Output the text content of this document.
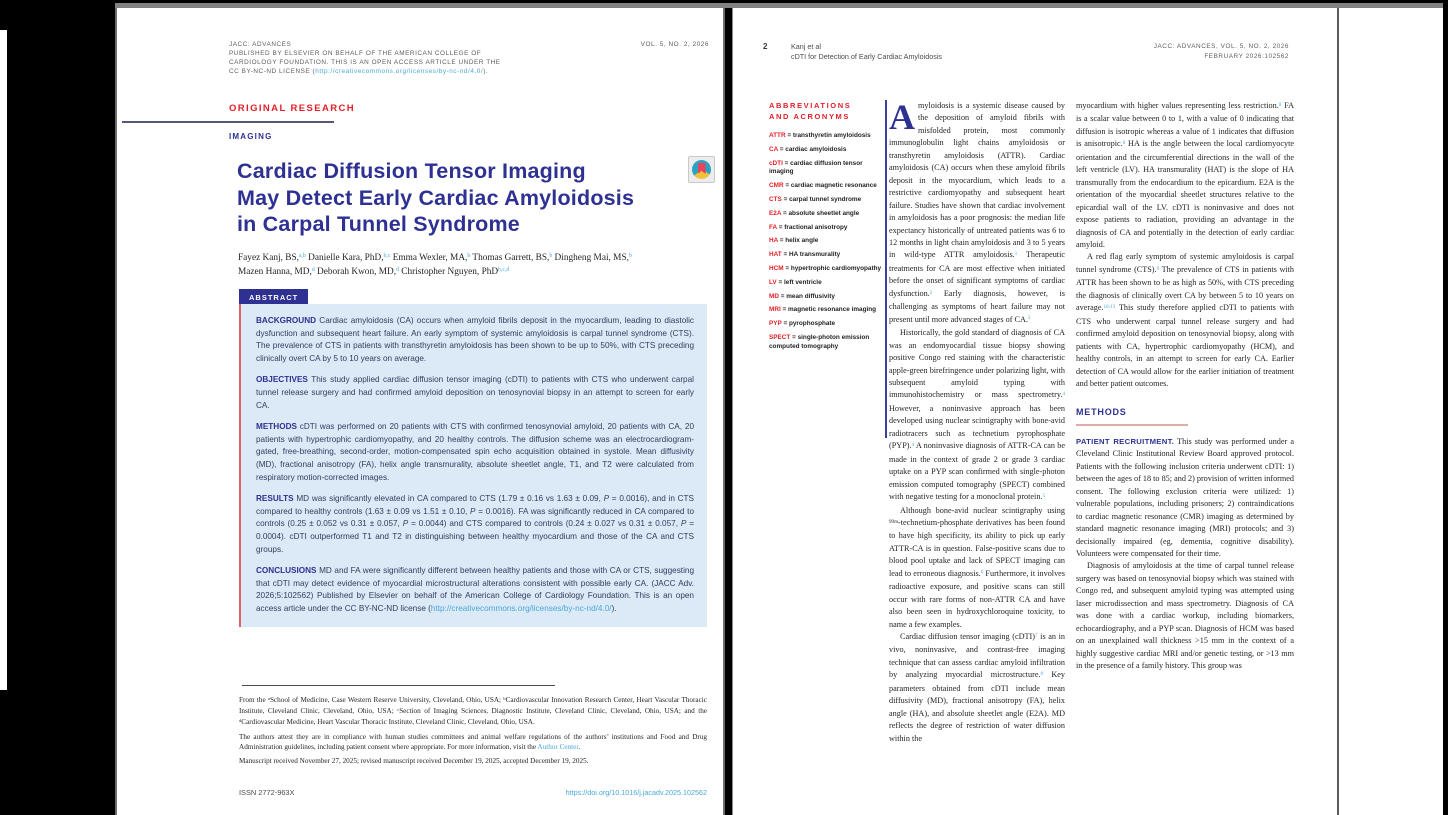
JACC: ADVANCES
PUBLISHED BY ELSEVIER ON BEHALF OF THE AMERICAN COLLEGE OF
CARDIOLOGY FOUNDATION. THIS IS AN OPEN ACCESS ARTICLE UNDER THE
CC BY-NC-ND LICENSE (http://creativecommons.org/licenses/by-nc-nd/4.0/).
VOL. 5, NO. 2, 2026
ORIGINAL RESEARCH
IMAGING
Cardiac Diffusion Tensor Imaging
May Detect Early Cardiac Amyloidosis
in Carpal Tunnel Syndrome
Fayez Kanj, BS,$^{a,b}$ Danielle Kara, PhD,$^{b,c}$ Emma Wexler, MA,$^b$ Thomas Garrett, BS,$^b$ Dingheng Mai, MS,$^b$
Mazen Hanna, MD,$^d$ Deborah Kwon, MD,$^d$ Christopher Nguyen, PhD$^{b,c,d}$
ABSTRACT

BACKGROUND Cardiac amyloidosis (CA) occurs when amyloid fibrils deposit in the myocardium, leading to diastolic dysfunction and subsequent heart failure. An early symptom of systemic amyloidosis is carpal tunnel syndrome (CTS). The prevalence of CTS in patients with transthyretin amyloidosis has been shown to be up to 50%, with CTS preceding clinically overt CA by 5 to 10 years on average.

OBJECTIVES This study applied cardiac diffusion tensor imaging (cDTI) to patients with CTS who underwent carpal tunnel release surgery and had confirmed amyloid deposition on tenosynovial biopsy in an attempt to screen for early CA.

METHODS cDTI was performed on 20 patients with CTS with confirmed tenosynovial amyloid, 20 patients with CA, 20 patients with hypertrophic cardiomyopathy, and 20 healthy controls. The diffusion scheme was an electrocardiogram-gated, free-breathing, second-order, motion-compensated spin echo acquisition obtained in systole. Mean diffusivity (MD), fractional anisotropy (FA), helix angle transmurality, absolute sheetlet angle, T1, and T2 were calculated from respiratory motion-corrected images.

RESULTS MD was significantly elevated in CA compared to CTS (1.79 ± 0.16 vs 1.63 ± 0.09, P = 0.0016), and in CTS compared to healthy controls (1.63 ± 0.09 vs 1.51 ± 0.10, P = 0.0016). FA was significantly reduced in CA compared to controls (0.25 ± 0.052 vs 0.31 ± 0.057, P = 0.0044) and CTS compared to controls (0.24 ± 0.027 vs 0.31 ± 0.057, P = 0.0004). cDTI outperformed T1 and T2 in distinguishing between healthy myocardium and those of the CA and CTS groups.

CONCLUSIONS MD and FA were significantly different between healthy patients and those with CA or CTS, suggesting that cDTI may detect evidence of myocardial microstructural alterations consistent with possible early CA. (JACC Adv. 2026;5:102562) Published by Elsevier on behalf of the American College of Cardiology Foundation. This is an open access article under the CC BY-NC-ND license (http://creativecommons.org/licenses/by-nc-nd/4.0/).

From the $^a$School of Medicine, Case Western Reserve University, Cleveland, Ohio, USA; $^b$Cardiovascular Innovation Research Center, Heart Vascular Thoracic Institute, Cleveland Clinic, Cleveland, Ohio, USA; $^c$Section of Imaging Sciences, Diagnostic Institute, Cleveland Clinic, Cleveland, Ohio, USA; and the $^d$Cardiovascular Medicine, Heart Vascular Thoracic Institute, Cleveland Clinic, Cleveland, Ohio, USA.

The authors attest they are in compliance with human studies committees and animal welfare regulations of the authors’ institutions and Food and Drug Administration guidelines, including patient consent where appropriate. For more information, visit the Author Center.

Manuscript received November 27, 2025; revised manuscript received December 19, 2025, accepted December 19, 2025.

ISSN 2772-963X	https://doi.org/10.1016/j.jacadv.2025.102562
2	Kanj et al
cDTI for Detection of Early Cardiac Amyloidosis
JACC: ADVANCES, VOL. 5, NO. 2, 2026
FEBRUARY 2026:102562
ABBREVIATIONS
AND ACRONYMS
ATTR = transthyretin amyloidosis
CA = cardiac amyloidosis
cDTI = cardiac diffusion tensor imaging
CMR = cardiac magnetic resonance
CTS = carpal tunnel syndrome
E2A = absolute sheetlet angle
FA = fractional anisotropy
HA = helix angle
HAT = HA transmurality
HCM = hypertrophic cardiomyopathy
LV = left ventricle
MD = mean diffusivity
MRI = magnetic resonance imaging
PYP = pyrophosphate
SPECT = single-photon emission computed tomography

Amyloidosis is a systemic disease caused by the deposition of amyloid fibrils with misfolded protein, most commonly immunoglobulin light chains amyloidosis or transthyretin amyloidosis (ATTR). Cardiac amyloidosis (CA) occurs when these amyloid fibrils deposit in the myocardium, which leads to a restrictive cardiomyopathy and subsequent heart failure. Studies have shown that cardiac involvement in amyloidosis has a poor prognosis: the median life expectancy historically of untreated patients was 6 to 12 months in light chain amyloidosis and 3 to 5 years in wild-type ATTR amyloidosis.$^1$ Therapeutic treatments for CA are most effective when initiated before the onset of significant symptoms of cardiac dysfunction.$^2$ Early diagnosis, however, is challenging as symptoms of heart failure may not present until more advanced stages of CA.$^3$

Historically, the gold standard of diagnosis of CA was an endomyocardial tissue biopsy showing positive Congo red staining with the characteristic apple-green birefringence under polarizing light, with subsequent amyloid typing with immunohistochemistry or mass spectrometry.$^4$ However, a noninvasive approach has been developed using nuclear scintigraphy with bone-avid radiotracers such as technetium pyrophosphate (PYP).$^4$ A noninvasive diagnosis of ATTR-CA can be made in the context of grade 2 or grade 3 cardiac uptake on a PYP scan confirmed with single-photon emission computed tomography (SPECT) combined with negative testing for a monoclonal protein.$^5$

Although bone-avid nuclear scintigraphy using $^{99m}$-technetium-phosphate derivatives has been found to have high specificity, its ability to pick up early ATTR-CA is in question. False-positive scans due to blood pool uptake and lack of SPECT imaging can lead to erroneous diagnosis.$^6$ Furthermore, it involves radioactive exposure, and positive scans can still occur with rare forms of non-ATTR CA and have also been seen in hydroxychloroquine toxicity, to name a few examples.

Cardiac diffusion tensor imaging (cDTI)$^7$ is an in vivo, noninvasive, and contrast-free imaging technique that can assess cardiac amyloid infiltration by analyzing myocardial microstructure.$^8$ Key parameters obtained from cDTI include mean diffusivity (MD), fractional anisotropy (FA), helix angle (HA), and absolute sheetlet angle (E2A). MD reflects the degree of restriction of water diffusion within the

myocardium with higher values representing less restriction.$^8$ FA is a scalar value between 0 to 1, with a value of 0 indicating that diffusion is isotropic whereas a value of 1 indicates that diffusion is anisotropic.$^8$ HA is the angle between the local cardiomyocyte orientation and the circumferential directions in the wall of the left ventricle (LV). HA transmurality (HAT) is the slope of HA transmurally from the endocardium to the epicardium. E2A is the orientation of the myocardial sheetlet structures relative to the epicardial wall of the LV. cDTI is noninvasive and does not expose patients to radiation, providing an advantage in the diagnosis of CA and potentially in the detection of early cardiac amyloid.

A red flag early symptom of systemic amyloidosis is carpal tunnel syndrome (CTS).$^9$ The prevalence of CTS in patients with ATTR has been shown to be as high as 50%, with CTS preceding the diagnosis of clinically overt CA by between 5 to 10 years on average.$^{10-13}$ This study therefore applied cDTI to patients with CTS who underwent carpal tunnel release surgery and had confirmed amyloid deposition on tenosynovial biopsy, along with patients with CA, hypertrophic cardiomyopathy (HCM), and healthy controls, in an attempt to screen for early CA. Earlier detection of CA would allow for the earlier initiation of treatment and better patient outcomes.

METHODS

PATIENT RECRUITMENT. This study was performed under a Cleveland Clinic Institutional Review Board approved protocol. Patients with the following inclusion criteria underwent cDTI: 1) between the ages of 18 to 85; and 2) provision of written informed consent. The following exclusion criteria were utilized: 1) vulnerable populations, including prisoners; 2) contraindications to cardiac magnetic resonance (CMR) imaging as determined by standard magnetic resonance imaging (MRI) protocols; and 3) decisionally impaired (eg, dementia, cognitive disability). Volunteers were compensated for their time.

Diagnosis of amyloidosis at the time of carpal tunnel release surgery was based on tenosynovial biopsy which was stained with Congo red, and subsequent amyloid typing was attempted using laser microdissection and mass spectrometry. Diagnosis of CA was done with a cardiac workup, including biomarkers, echocardiography, and a PYP scan. Diagnosis of HCM was based on an unexplained wall thickness >15 mm in the context of a highly suggestive cardiac MRI and/or genetic testing, or >13 mm in the presence of a family history. This group was
